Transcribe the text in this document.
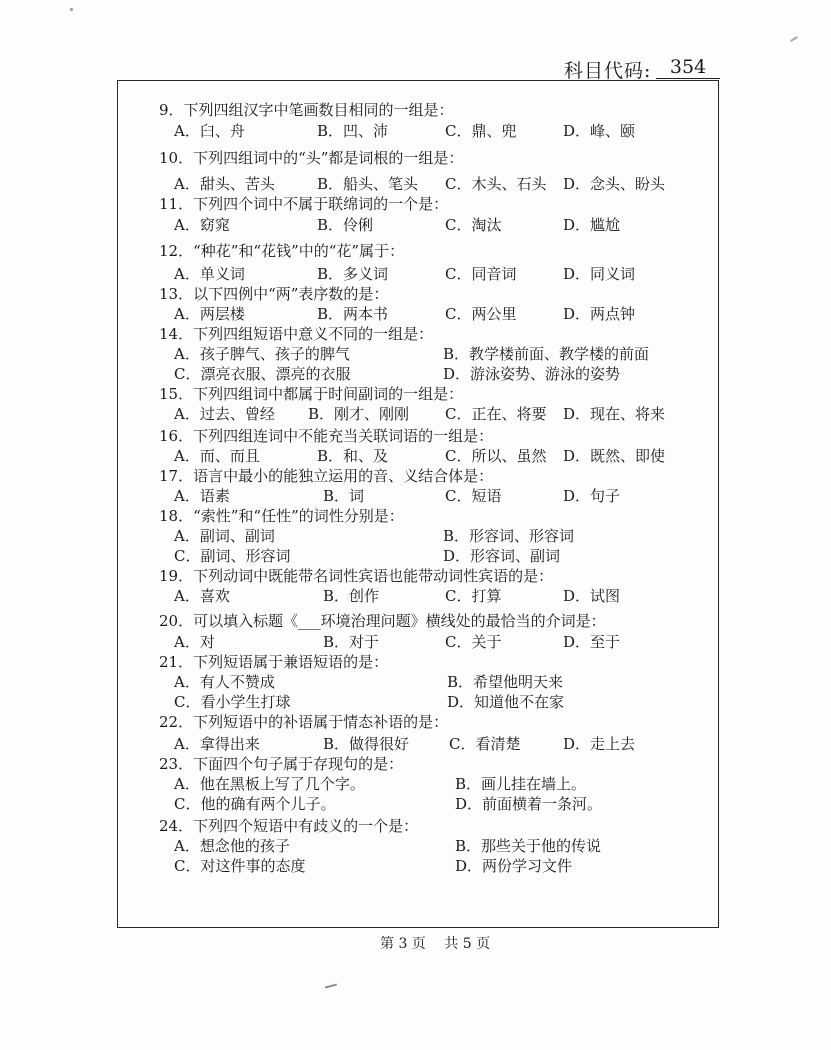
科目代码: 354
9．下列四组汉字中笔画数目相同的一组是：
A．臼、舟	B．凹、沛	C．鼎、兜	D．峰、颐
10．下列四组词中的“头”都是词根的一组是：
A．甜头、苦头	B．船头、笔头 C．木头、石头 D．念头、盼头
11．下列四个词中不属于联绵词的一个是：
A．窈窕	B．伶俐	C．淘汰	D．尴尬
12．“种花”和“花钱”中的“花”属于：
A．单义词	B．多义词	C．同音词	D．同义词
13．以下四例中“两”表序数的是：
A．两层楼	B．两本书	C．两公里	D．两点钟
14．下列四组短语中意义不同的一组是：
A．孩子脾气、孩子的脾气	B．教学楼前面、教学楼的前面
C．漂亮衣服、漂亮的衣服	D．游泳姿势、游泳的姿势
15．下列四组词中都属于时间副词的一组是：
A．过去、曾经 B．刚才、刚刚 C．正在、将要 D．现在、将来
16．下列四组连词中不能充当关联词语的一组是：
A．而、而且	B．和、及	C．所以、虽然 D．既然、即使
17．语言中最小的能独立运用的音、义结合体是：
A．语素	B．词	C．短语	D．句子
18．“索性”和“任性”的词性分别是：
A．副词、副词	B．形容词、形容词
C．副词、形容词	D．形容词、副词
19．下列动词中既能带名词性宾语也能带动词性宾语的是：
A．喜欢	B．创作	C．打算	D．试图
20．可以填入标题《___环境治理问题》横线处的最恰当的介词是：
A．对	B．对于	C．关于	D．至于
21．下列短语属于兼语短语的是：
A．有人不赞成	B．希望他明天来
C．看小学生打球	D．知道他不在家
22．下列短语中的补语属于情态补语的是：
A．拿得出来	B．做得很好	C．看清楚	D．走上去
23．下面四个句子属于存现句的是：
A．他在黑板上写了几个字。	B．画儿挂在墙上。
C．他的确有两个儿子。	D．前面横着一条河。
24．下列四个短语中有歧义的一个是：
A．想念他的孩子	B．那些关于他的传说
C．对这件事的态度	D．两份学习文件
第 3 页 共 5 页
